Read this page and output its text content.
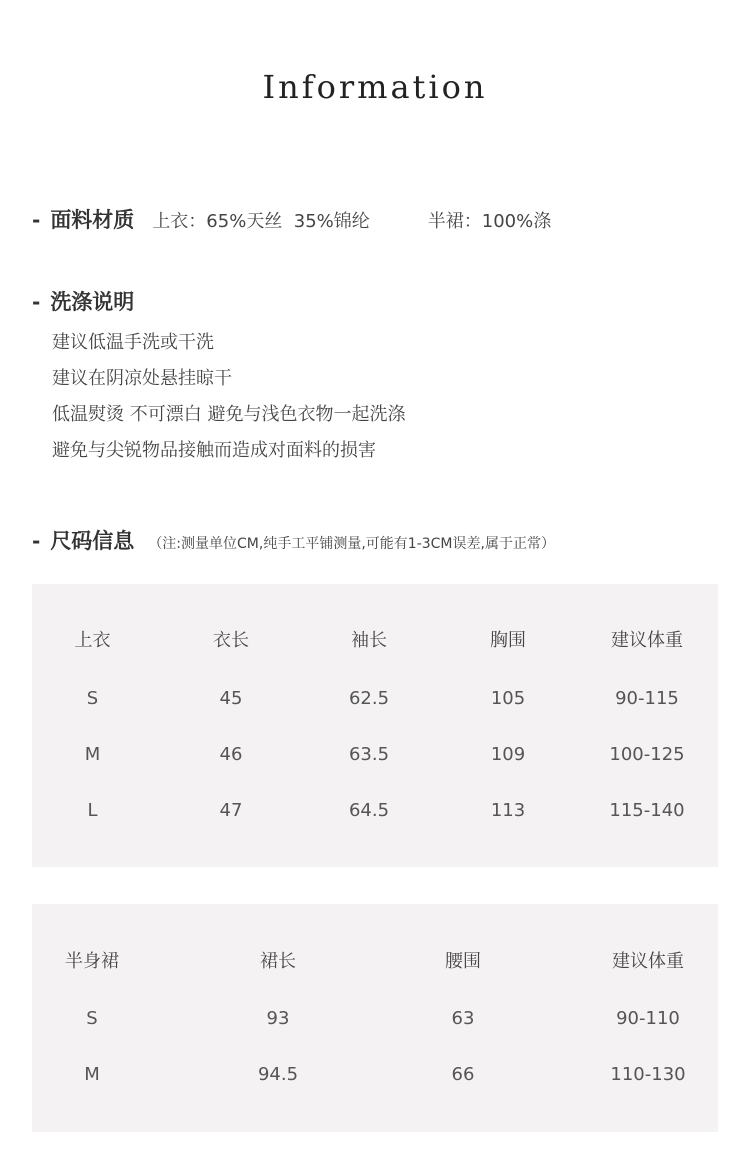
Information
- 面料材质 上衣：65%天丝  35%锦纶	半裙：100%涤
- 洗涤说明
建议低温手洗或干洗
建议在阴凉处悬挂晾干
低温熨烫 不可漂白 避免与浅色衣物一起洗涤
避免与尖锐物品接触而造成对面料的损害
- 尺码信息 （注:测量单位CM,纯手工平铺测量,可能有1-3CM误差,属于正常）
上衣	衣长	袖长	胸围	建议体重
S	45	62.5	105	90-115
M	46	63.5	109	100-125
L	47	64.5	113	115-140
半身裙	裙长	腰围	建议体重
S	93	63	90-110
M	94.5	66	110-130
